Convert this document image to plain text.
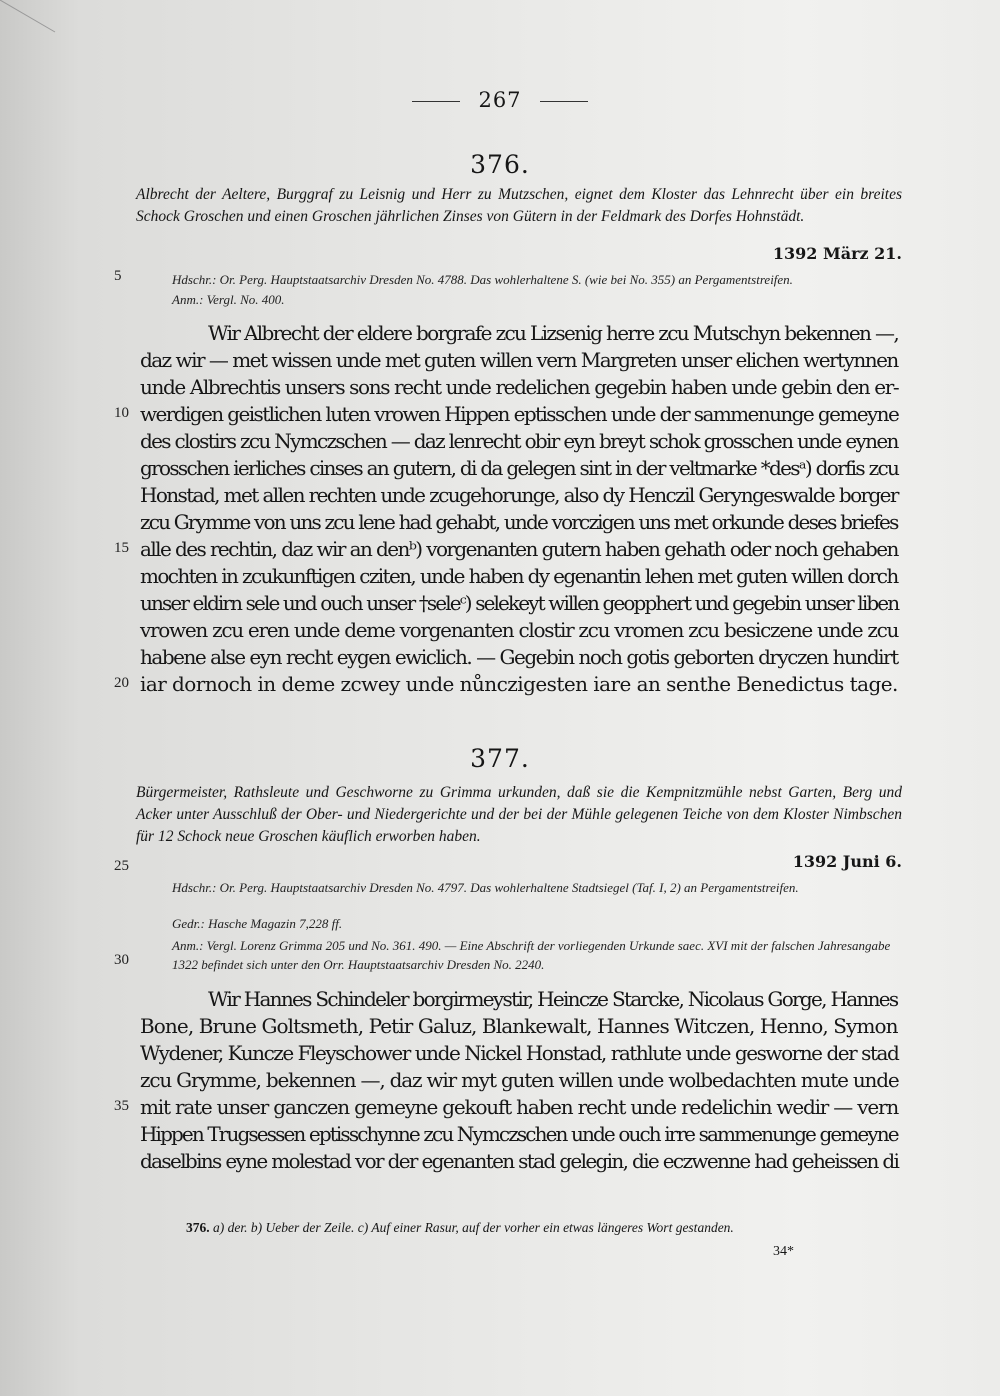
267
376.
Albrecht der Aeltere, Burggraf zu Leisnig und Herr zu Mutzschen, eignet dem Kloster das Lehnrecht über ein breites Schock Groschen und einen Groschen jährlichen Zinses von Gütern in der Feldmark des Dorfes Hohnstädt.
1392 März 21.
5	Hdschr.: Or. Perg. Hauptstaatsarchiv Dresden No. 4788. Das wohlerhaltene S. (wie bei No. 355) an Pergamentstreifen.
Anm.: Vergl. No. 400.
Wir Albrecht der eldere borgrafe zcu Lizsenig herre zcu Mutschyn bekennen —,
daz wir — met wissen unde met guten willen vern Margreten unser elichen wertynnen
unde Albrechtis unsers sons recht unde redelichen gegebin haben unde gebin den er-
10 werdigen geistlichen luten vrowen Hippen eptisschen unde der sammenunge gemeyne
des clostirs zcu Nymczschen — daz lenrecht obir eyn breyt schok grosschen unde eynen
grosschen ierliches cinses an gutern, di da gelegen sint in der veltmarke *desᵃ) dorfis zcu
Honstad, met allen rechten unde zcugehorunge, also dy Henczil Geryngeswalde borger
zcu Grymme von uns zcu lene had gehabt, unde vorczigen uns met orkunde deses briefes
15 alle des rechtin, daz wir an denᵇ) vorgenanten gutern haben gehath oder noch gehaben
mochten in zcukunftigen cziten, unde haben dy egenantin lehen met guten willen dorch
unser eldirn sele und ouch unser †seleᶜ) selekeyt willen geopphert und gegebin unser liben
vrowen zcu eren unde deme vorgenanten clostir zcu vromen zcu besiczene unde zcu
habene alse eyn recht eygen ewiclich. — Gegebin noch gotis geborten dryczen hundirt
20 iar dornoch in deme zcwey unde nůnczigesten iare an senthe Benedictus tage.
377.
Bürgermeister, Rathsleute und Geschworne zu Grimma urkunden, daß sie die Kempnitzmühle nebst Garten, Berg und Acker unter Ausschluß der Ober- und Niedergerichte und der bei der Mühle gelegenen Teiche von dem Kloster Nimbschen für 12 Schock neue Groschen käuflich erworben haben.
25	1392 Juni 6.
Hdschr.: Or. Perg. Hauptstaatsarchiv Dresden No. 4797. Das wohlerhaltene Stadtsiegel (Taf. I, 2) an Pergamentstreifen.
Gedr.: Hasche Magazin 7,228 ff.
Anm.: Vergl. Lorenz Grimma 205 und No. 361. 490. — Eine Abschrift der vorliegenden Urkunde saec. XVI mit der falschen Jahresangabe 1322 befindet sich unter den Orr. Hauptstaatsarchiv Dresden No. 2240.
30
Wir Hannes Schindeler borgirmeystir, Heincze Starcke, Nicolaus Gorge, Hannes
Bone, Brune Goltsmeth, Petir Galuz, Blankewalt, Hannes Witczen, Henno, Symon
Wydener, Kuncze Fleyschower unde Nickel Honstad, rathlute unde gesworne der stad
zcu Grymme, bekennen —, daz wir myt guten willen unde wolbedachten mute unde
35 mit rate unser ganczen gemeyne gekouft haben recht unde redelichin wedir — vern
Hippen Trugsessen eptisschynne zcu Nymczschen unde ouch irre sammenunge gemeyne
daselbins eyne molestad vor der egenanten stad gelegin, die eczwenne had geheissen di
376. a) der. b) Ueber der Zeile. c) Auf einer Rasur, auf der vorher ein etwas längeres Wort gestanden.
34*
